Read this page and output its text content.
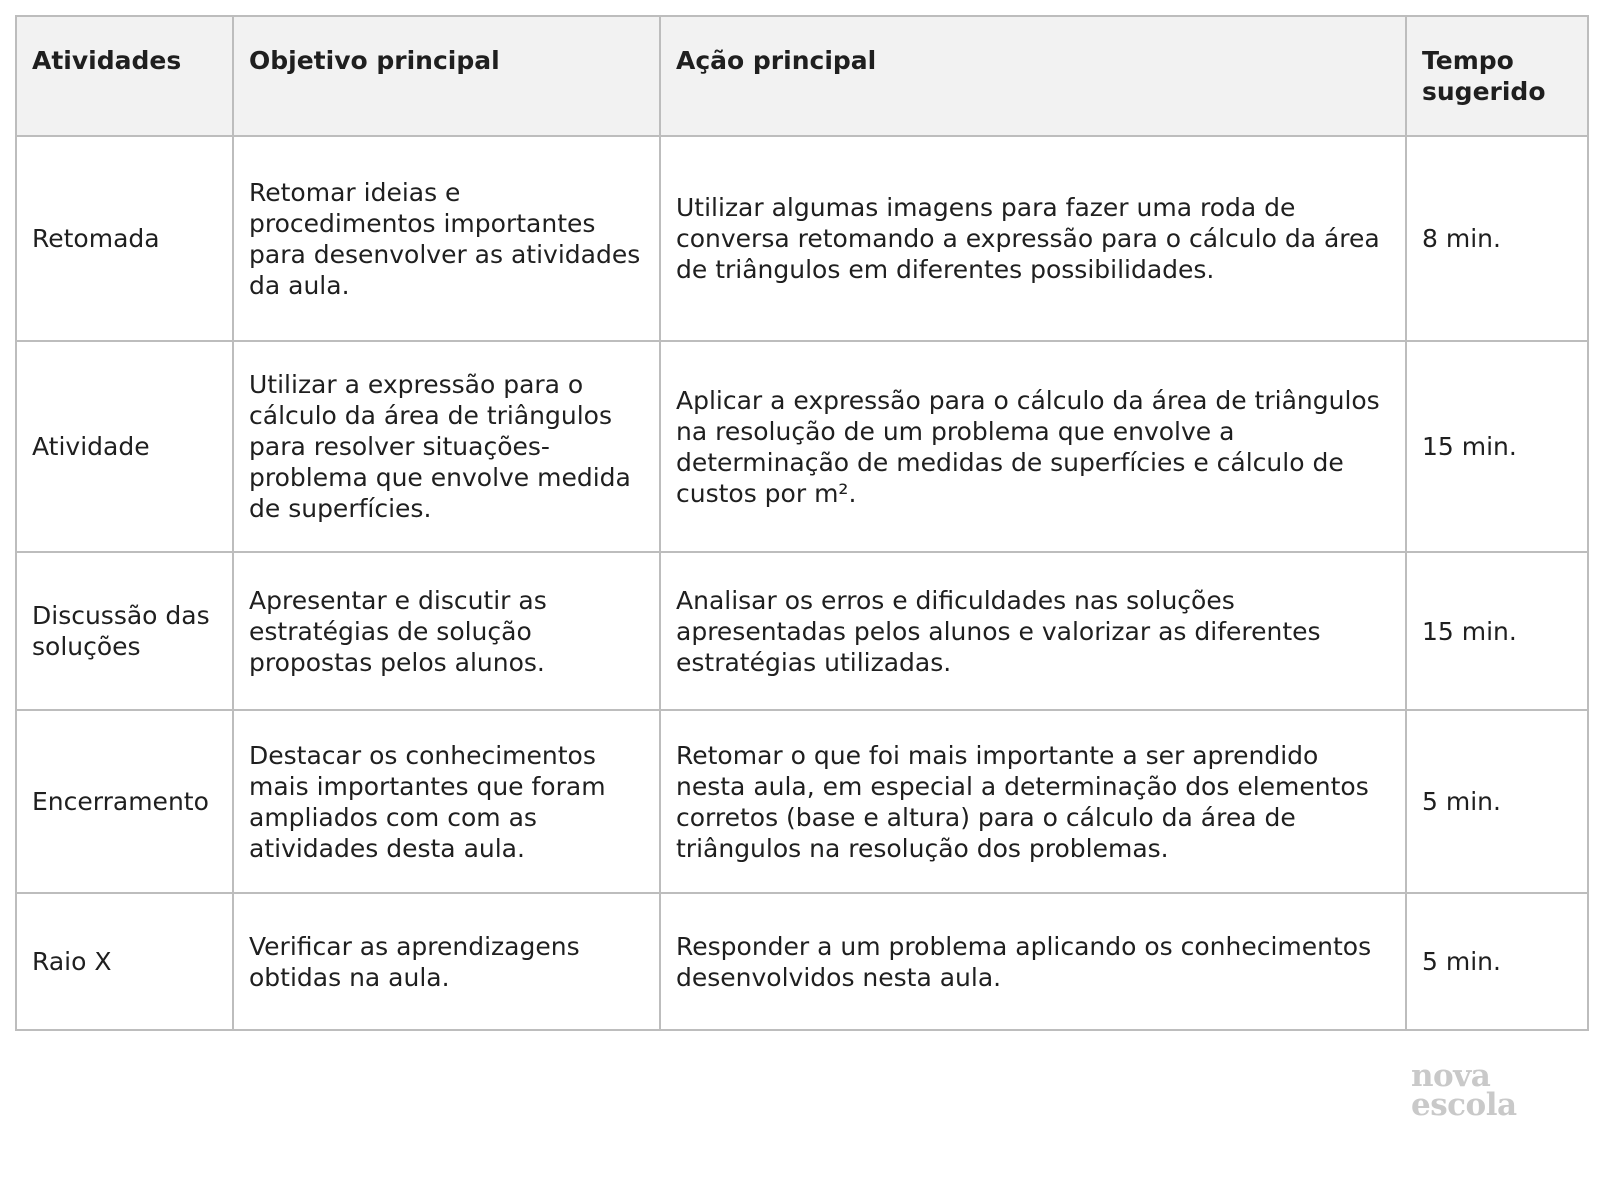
Atividades	Objetivo principal	Ação principal	Tempo sugerido
Retomada	Retomar ideias e procedimentos importantes para desenvolver as atividades da aula.	Utilizar algumas imagens para fazer uma roda de conversa retomando a expressão para o cálculo da área de triângulos em diferentes possibilidades.	8 min.
Atividade	Utilizar a expressão para o cálculo da área de triângulos para resolver situações-problema que envolve medida de superfícies.	Aplicar a expressão para o cálculo da área de triângulos na resolução de um problema que envolve a determinação de medidas de superfícies e cálculo de custos por m².	15 min.
Discussão das soluções	Apresentar e discutir as estratégias de solução propostas pelos alunos.	Analisar os erros e dificuldades nas soluções apresentadas pelos alunos e valorizar as diferentes estratégias utilizadas.	15 min.
Encerramento	Destacar os conhecimentos mais importantes que foram ampliados com com as atividades desta aula.	Retomar o que foi mais importante a ser aprendido nesta aula, em especial a determinação dos elementos corretos (base e altura) para o cálculo da área de triângulos na resolução dos problemas.	5 min.
Raio X	Verificar as aprendizagens obtidas na aula.	Responder a um problema aplicando os conhecimentos desenvolvidos nesta aula.	5 min.
nova
escola
